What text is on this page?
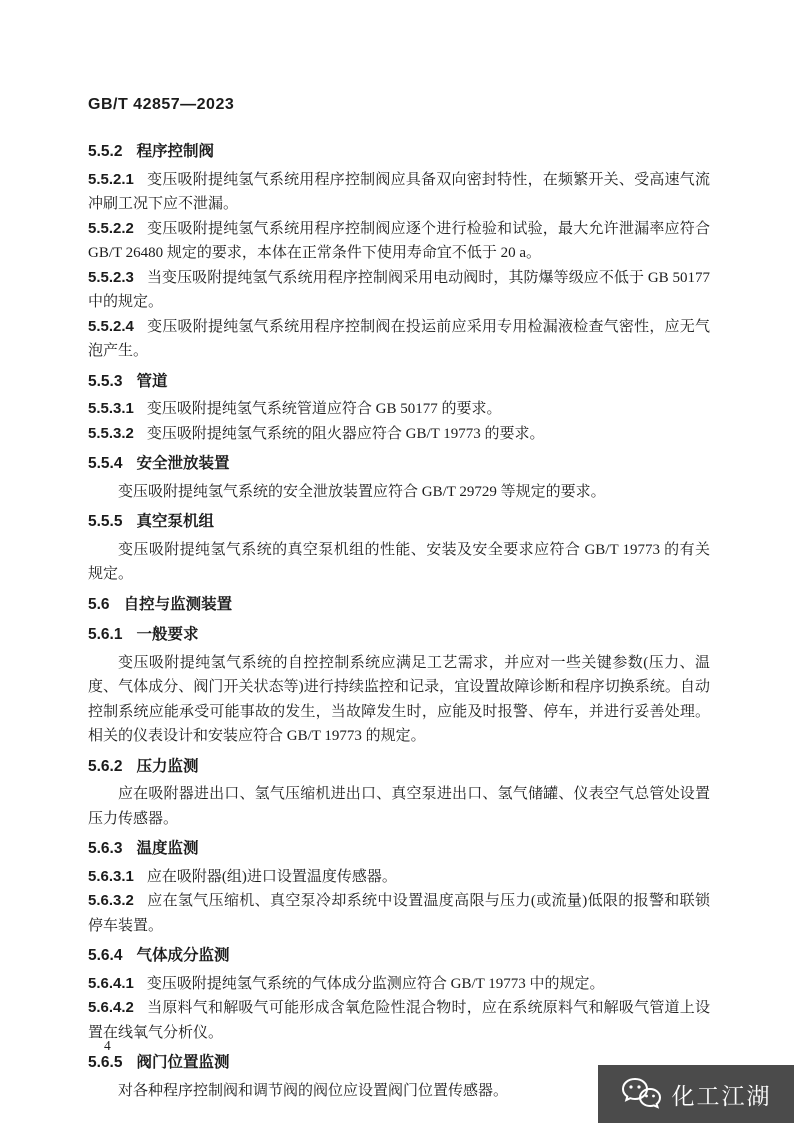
GB/T 42857—2023

5.5.2 程序控制阀

5.5.2.1 变压吸附提纯氢气系统用程序控制阀应具备双向密封特性，在频繁开关、受高速气流冲刷工况下应不泄漏。

5.5.2.2 变压吸附提纯氢气系统用程序控制阀应逐个进行检验和试验，最大允许泄漏率应符合 GB/T 26480 规定的要求，本体在正常条件下使用寿命宜不低于 20 a。

5.5.2.3 当变压吸附提纯氢气系统用程序控制阀采用电动阀时，其防爆等级应不低于 GB 50177 中的规定。

5.5.2.4 变压吸附提纯氢气系统用程序控制阀在投运前应采用专用检漏液检查气密性，应无气泡产生。

5.5.3 管道

5.5.3.1 变压吸附提纯氢气系统管道应符合 GB 50177 的要求。

5.5.3.2 变压吸附提纯氢气系统的阻火器应符合 GB/T 19773 的要求。

5.5.4 安全泄放装置

变压吸附提纯氢气系统的安全泄放装置应符合 GB/T 29729 等规定的要求。

5.5.5 真空泵机组

变压吸附提纯氢气系统的真空泵机组的性能、安装及安全要求应符合 GB/T 19773 的有关规定。

5.6 自控与监测装置

5.6.1 一般要求

变压吸附提纯氢气系统的自控控制系统应满足工艺需求，并应对一些关键参数(压力、温度、气体成分、阀门开关状态等)进行持续监控和记录，宜设置故障诊断和程序切换系统。自动控制系统应能承受可能事故的发生，当故障发生时，应能及时报警、停车，并进行妥善处理。相关的仪表设计和安装应符合 GB/T 19773 的规定。

5.6.2 压力监测

应在吸附器进出口、氢气压缩机进出口、真空泵进出口、氢气储罐、仪表空气总管处设置压力传感器。

5.6.3 温度监测

5.6.3.1 应在吸附器(组)进口设置温度传感器。

5.6.3.2 应在氢气压缩机、真空泵冷却系统中设置温度高限与压力(或流量)低限的报警和联锁停车装置。

5.6.4 气体成分监测

5.6.4.1 变压吸附提纯氢气系统的气体成分监测应符合 GB/T 19773 中的规定。

5.6.4.2 当原料气和解吸气可能形成含氧危险性混合物时，应在系统原料气和解吸气管道上设置在线氧气分析仪。

5.6.5 阀门位置监测

对各种程序控制阀和调节阀的阀位应设置阀门位置传感器。

4
化工江湖
